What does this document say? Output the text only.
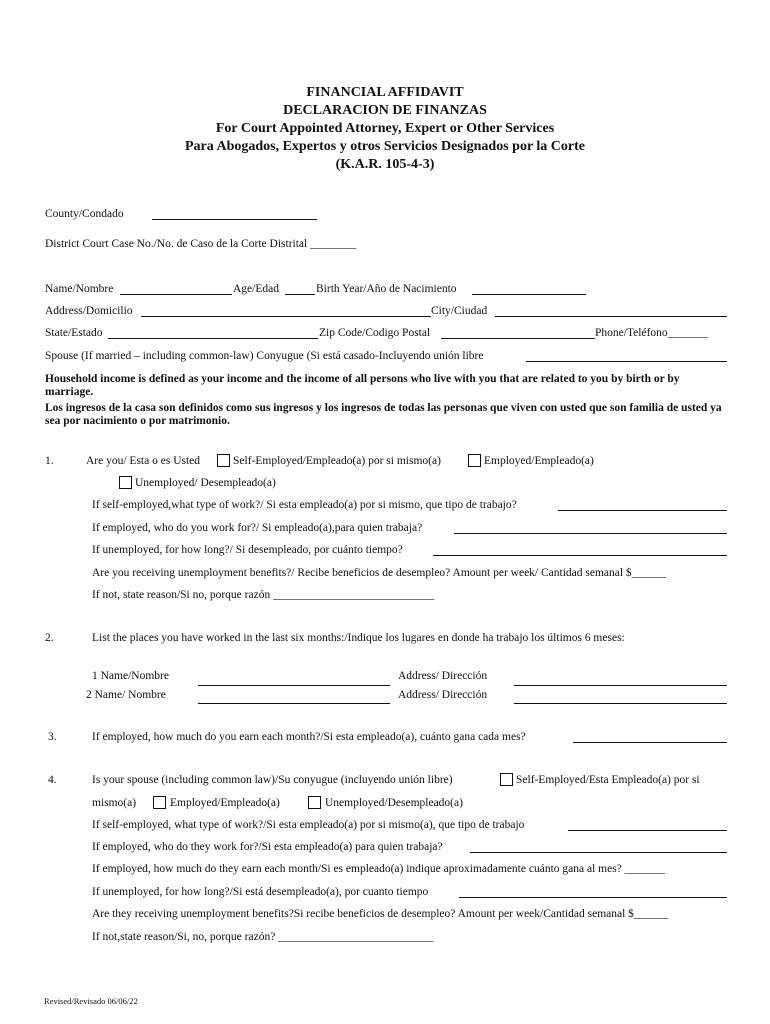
FINANCIAL AFFIDAVIT
DECLARACION DE FINANZAS
For Court Appointed Attorney, Expert or Other Services
Para Abogados, Expertos y otros Servicios Designados por la Corte
(K.A.R. 105-4-3)
County/Condado
District Court Case No./No. de Caso de la Corte Distrital ________
Name/Nombre	Age/Edad	Birth Year/Año de Nacimiento
Address/Domicilio	City/Ciudad
State/Estado	Zip Code/Codigo Postal	Phone/Teléfono_______
Spouse (If married – including common-law) Conyugue (Si está casado-Incluyendo unión libre
Household income is defined as your income and the income of all persons who live with you that are related to you by birth or by marriage.
Los ingresos de la casa son definidos como sus ingresos y los ingresos de todas las personas que viven con usted que son familia de usted ya sea por nacimiento o por matrimonio.
1.	Are you/ Esta o es Usted	Self-Employed/Empleado(a) por si mismo(a)	Employed/Empleado(a)
Unemployed/ Desempleado(a)
If self-employed,what type of work?/ Si esta empleado(a) por si mismo, que tipo de trabajo?
If employed, who do you work for?/ Si empleado(a),para quien trabaja?
If unemployed, for how long?/ Si desempleado, por cuánto tiempo?
Are you receiving unemployment benefits?/ Recibe beneficios de desempleo? Amount per week/ Cantidad semanal $______
If not, state reason/Si no, porque razón ____________________________
2.	List the places you have worked in the last six months:/Indique los lugares en donde ha trabajo los últimos 6 meses:
1 Name/Nombre	Address/ Dirección
2 Name/ Nombre	Address/ Dirección
3.	If employed, how much do you earn each month?/Si esta empleado(a), cuánto gana cada mes?
4.	Is your spouse (including common law)/Su conyugue (incluyendo unión libre)	Self-Employed/Esta Empleado(a) por si
mismo(a)	Employed/Empleado(a)	Unemployed/Desempleado(a)
If self-employed, what type of work?/Si esta empleado(a) por si mismo(a), que tipo de trabajo
If employed, who do they work for?/Si esta empleado(a) para quien trabaja?
If employed, how much do they earn each month/Si es empleado(a) indique aproximadamente cuánto gana al mes? _______
If unemployed, for how long?/Si está desempleado(a), por cuanto tiempo
Are they receiving unemployment benefits?Si recibe beneficios de desempleo? Amount per week/Cantidad semanal $______
If not,state reason/Si, no, porque razón? ___________________________
Revised/Revisado 06/06/22
